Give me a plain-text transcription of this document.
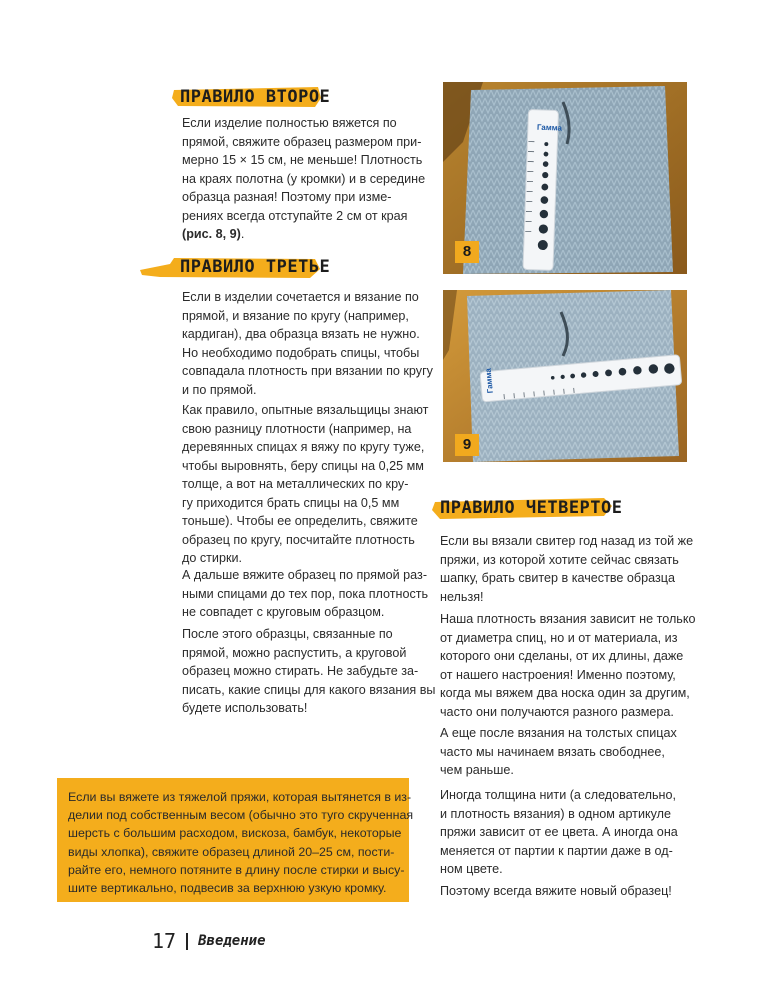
ПРАВИЛО ВТОРОЕ
Если изделие полностью вяжется по
прямой, свяжите образец размером при-
мерно 15 × 15 см, не меньше! Плотность
на краях полотна (у кромки) и в середине
образца разная! Поэтому при изме-
рениях всегда отступайте 2 см от края
(рис. 8, 9).
ПРАВИЛО ТРЕТЬЕ
Если в изделии сочетается и вязание по
прямой, и вязание по кругу (например,
кардиган), два образца вязать не нужно.
Но необходимо подобрать спицы, чтобы
совпадала плотность при вязании по кругу
и по прямой.
Как правило, опытные вязальщицы знают
свою разницу плотности (например, на
деревянных спицах я вяжу по кругу туже,
чтобы выровнять, беру спицы на 0,25 мм
толще, а вот на металлических по кру-
гу приходится брать спицы на 0,5 мм
тоньше). Чтобы ее определить, свяжите
образец по кругу, посчитайте плотность
до стирки.
А дальше вяжите образец по прямой раз-
ными спицами до тех пор, пока плотность
не совпадет с круговым образцом.
После этого образцы, связанные по
прямой, можно распустить, а круговой
образец можно стирать. Не забудьте за-
писать, какие спицы для какого вязания вы
будете использовать!
Гамма
8
Гамма
9
ПРАВИЛО ЧЕТВЕРТОЕ
Если вы вязали свитер год назад из той же
пряжи, из которой хотите сейчас связать
шапку, брать свитер в качестве образца
нельзя!
Наша плотность вязания зависит не только
от диаметра спиц, но и от материала, из
которого они сделаны, от их длины, даже
от нашего настроения! Именно поэтому,
когда мы вяжем два носка один за другим,
часто они получаются разного размера.
А еще после вязания на толстых спицах
часто мы начинаем вязать свободнее,
чем раньше.
Иногда толщина нити (а следовательно,
и плотность вязания) в одном артикуле
пряжи зависит от ее цвета. А иногда она
меняется от партии к партии даже в од-
ном цвете.
Поэтому всегда вяжите новый образец!
Если вы вяжете из тяжелой пряжи, которая вытянется в из-
делии под собственным весом (обычно это туго скрученная
шерсть с большим расходом, вискоза, бамбук, некоторые
виды хлопка), свяжите образец длиной 20–25 см, пости-
райте его, немного потяните в длину после стирки и высу-
шите вертикально, подвесив за верхнюю узкую кромку.
17 Введение
